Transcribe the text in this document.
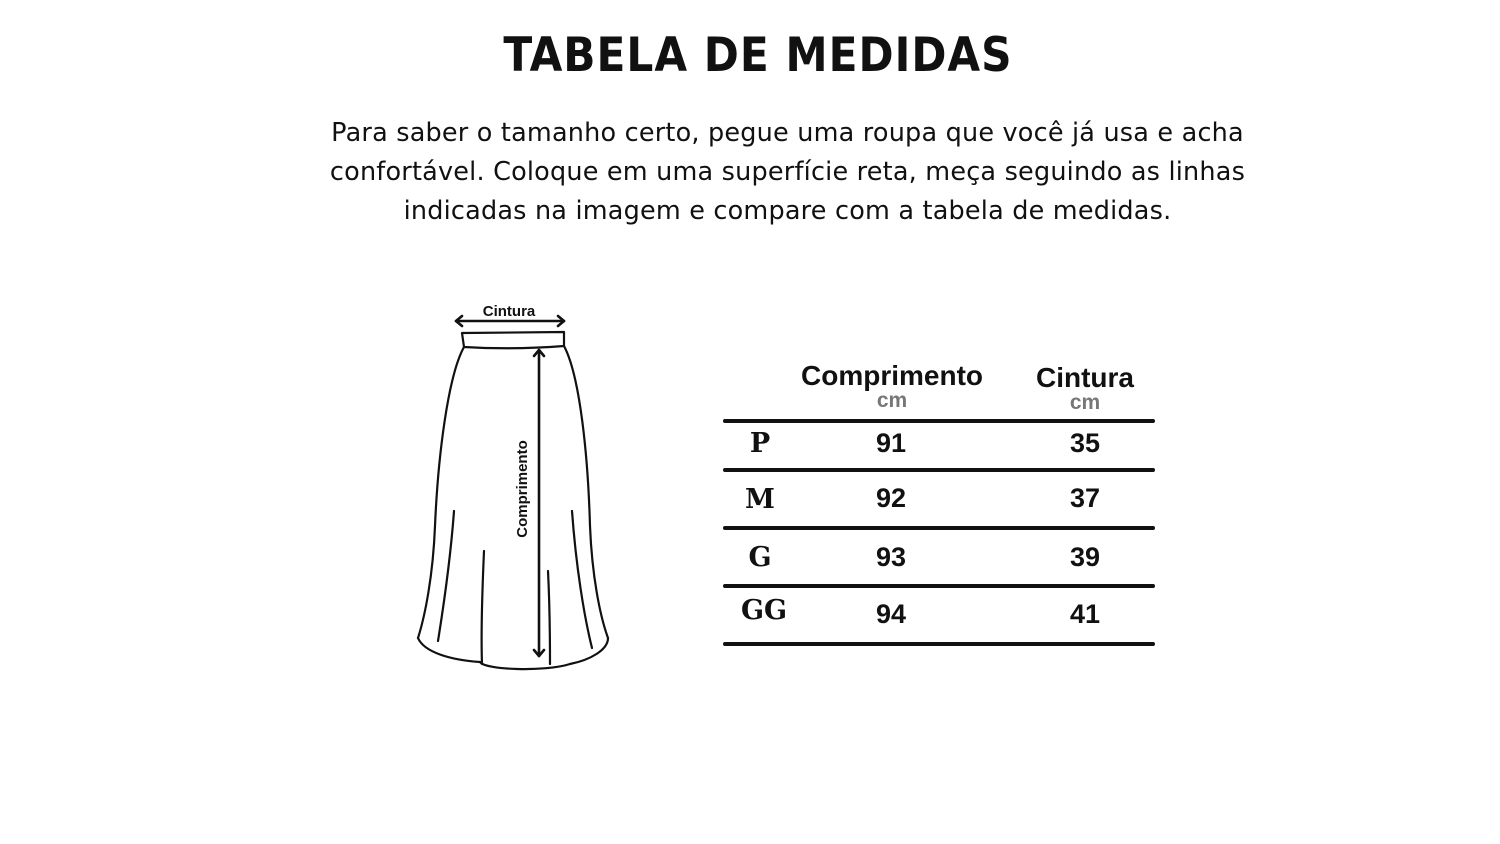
TABELA DE MEDIDAS
Para saber o tamanho certo, pegue uma roupa que você já usa e acha confortável. Coloque em uma superfície reta, meça seguindo as linhas indicadas na imagem e compare com a tabela de medidas.
Cintura
Comprimento
Comprimento
cm
Cintura
cm
P	91	35
M	92	37
G	93	39
GG	94	41
